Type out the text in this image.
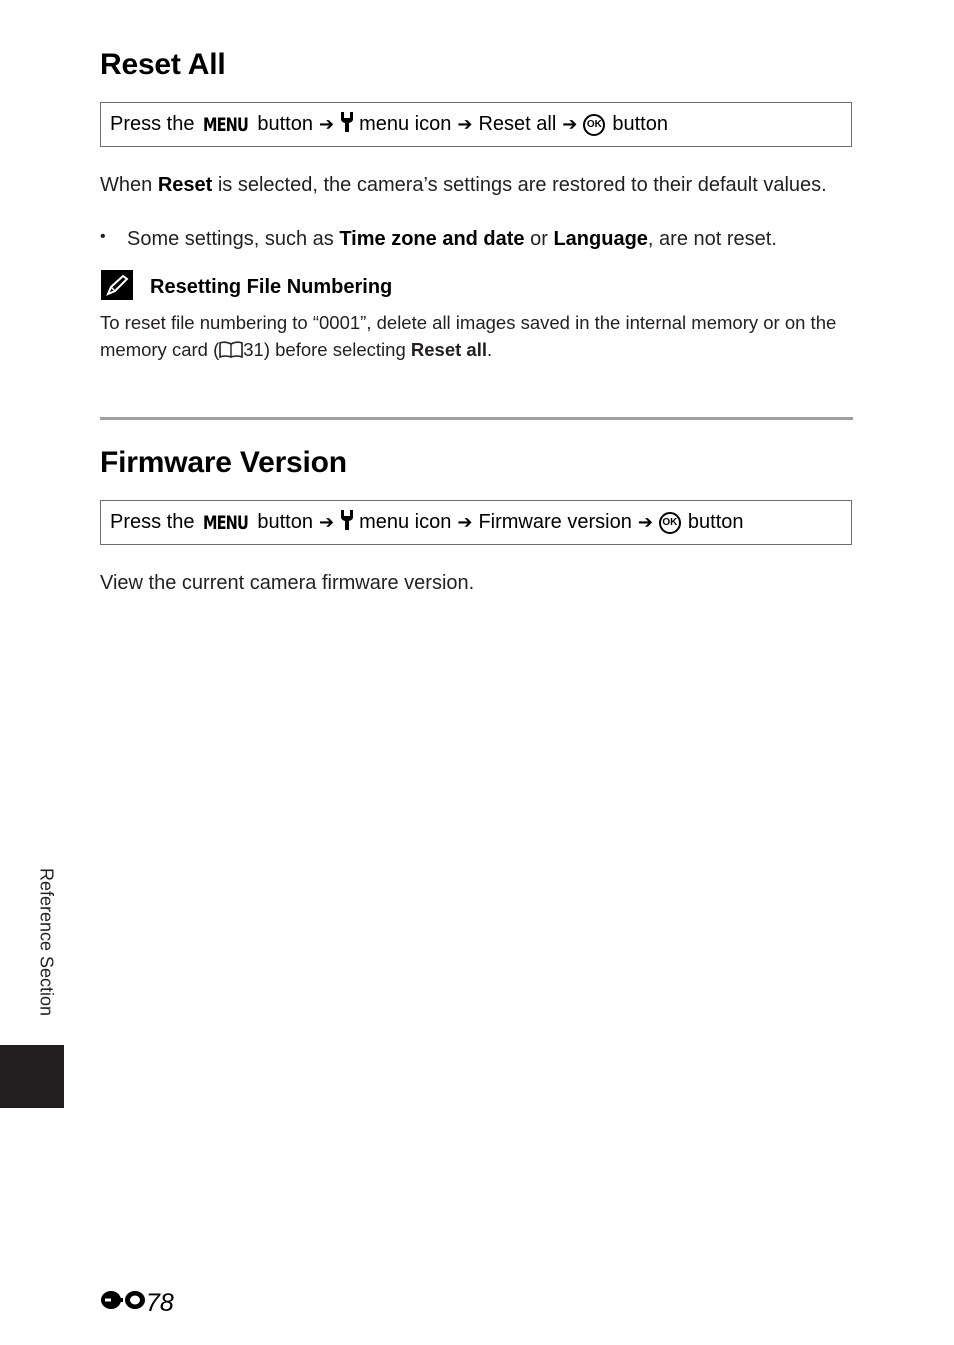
Reset All
Press the MENU button ➔ menu icon ➔ Reset all ➔ OK button

When Reset is selected, the camera’s settings are restored to their default values.

• Some settings, such as Time zone and date or Language, are not reset.

Resetting File Numbering

To reset file numbering to “0001”, delete all images saved in the internal memory or on the memory card ( 31) before selecting Reset all.

Firmware Version
Press the MENU button ➔ menu icon ➔ Firmware version ➔ OK button

View the current camera firmware version.

Reference Section
78
